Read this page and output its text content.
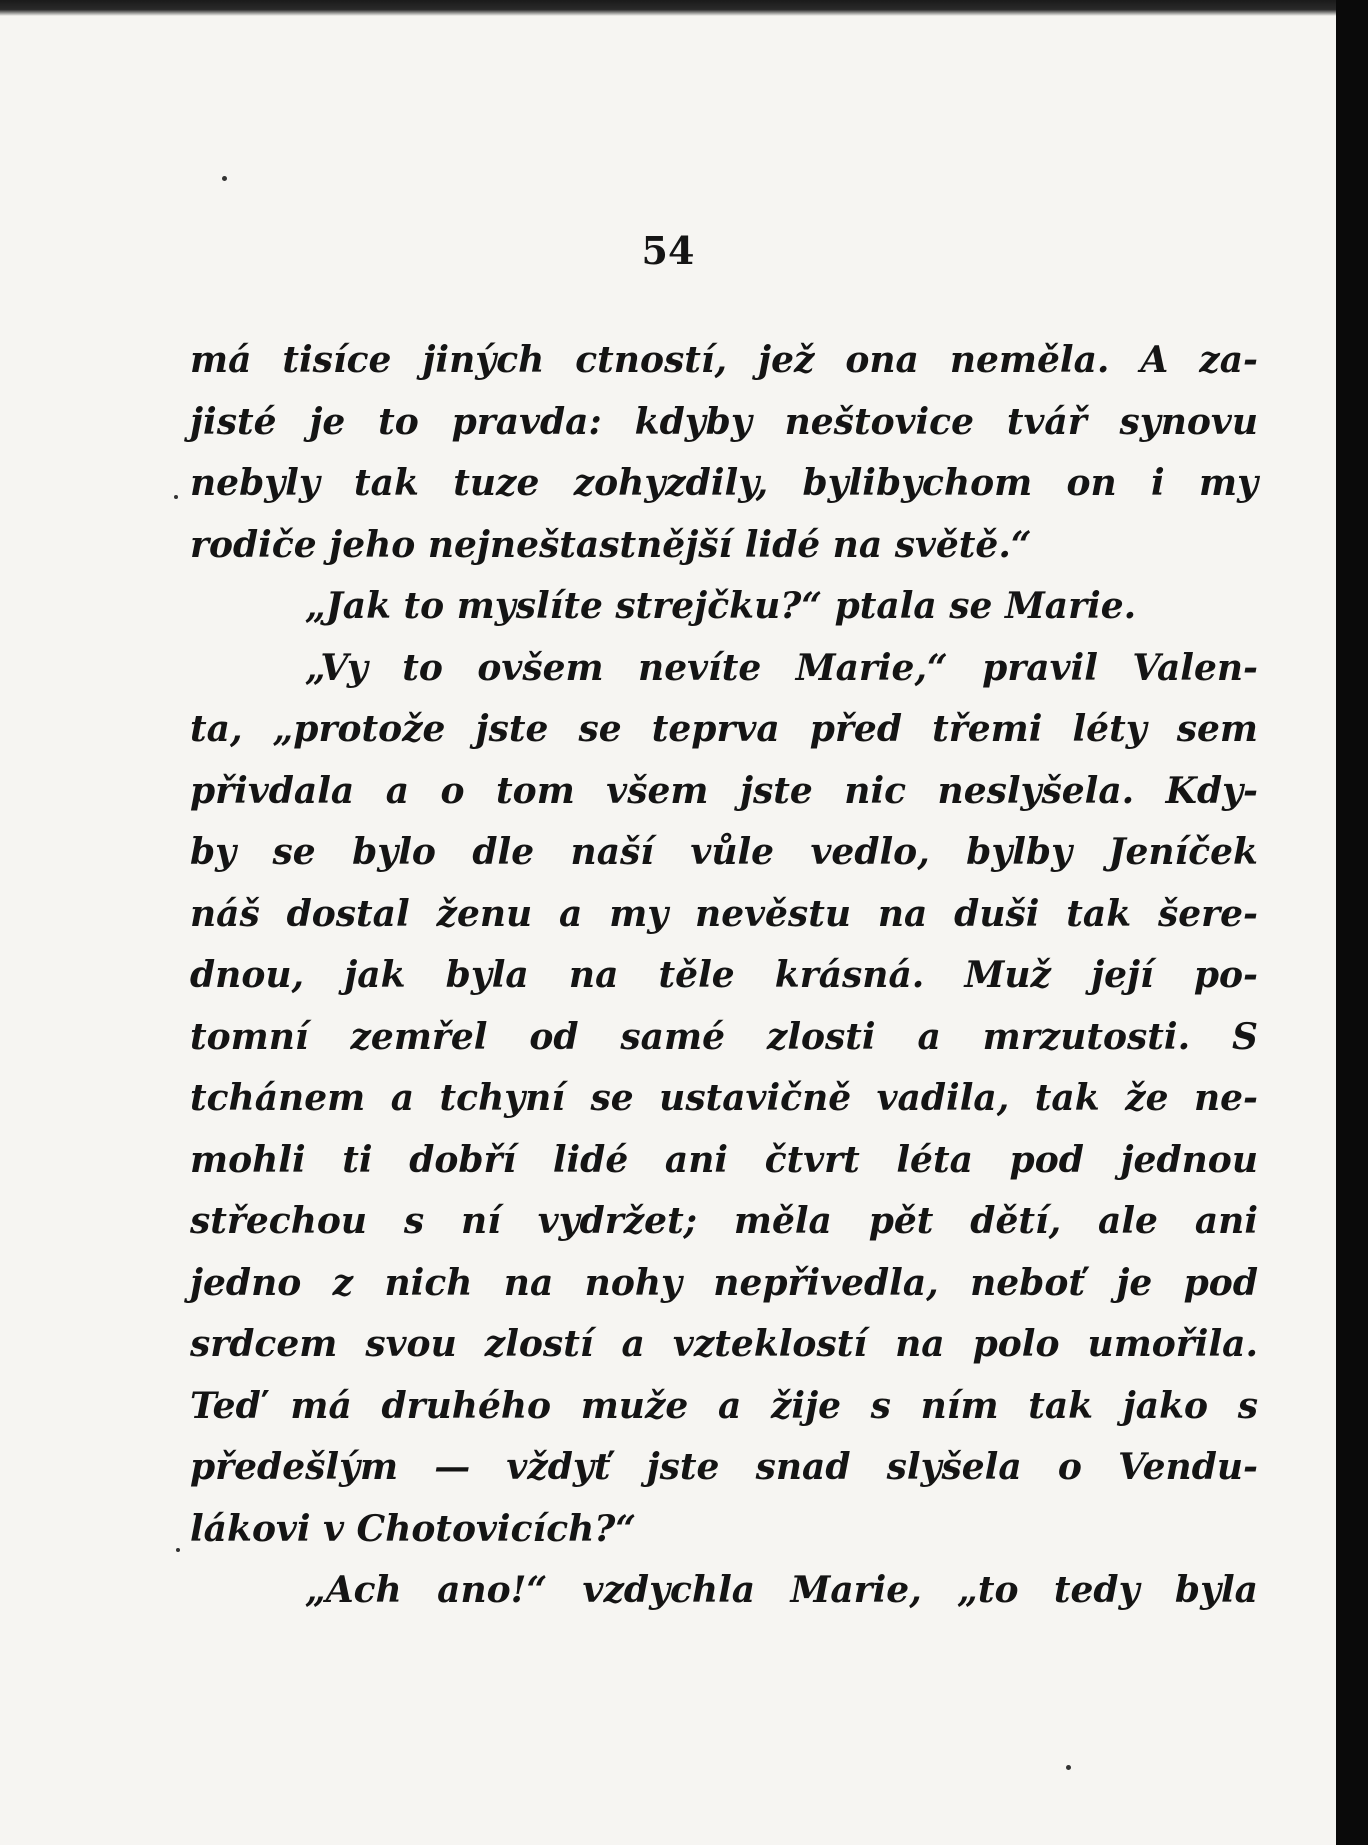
54
má tisíce jiných ctností, jež ona neměla. A za-
jisté je to pravda: kdyby neštovice tvář synovu
nebyly tak tuze zohyzdily, bylibychom on i my
rodiče jeho nejneštastnější lidé na světě.“
„Jak to myslíte strejčku?“ ptala se Marie.
„Vy to ovšem nevíte Marie,“ pravil Valen-
ta, „protože jste se teprva před třemi léty sem
přivdala a o tom všem jste nic neslyšela. Kdy-
by se bylo dle naší vůle vedlo, bylby Jeníček
náš dostal ženu a my nevěstu na duši tak šere-
dnou, jak byla na těle krásná. Muž její po-
tomní zemřel od samé zlosti a mrzutosti. S
tchánem a tchyní se ustavičně vadila, tak že ne-
mohli ti dobří lidé ani čtvrt léta pod jednou
střechou s ní vydržet; měla pět dětí, ale ani
jedno z nich na nohy nepřivedla, neboť je pod
srdcem svou zlostí a vzteklostí na polo umořila.
Teď má druhého muže a žije s ním tak jako s
předešlým — vždyť jste snad slyšela o Vendu-
lákovi v Chotovicích?“
„Ach ano!“ vzdychla Marie, „to tedy byla
